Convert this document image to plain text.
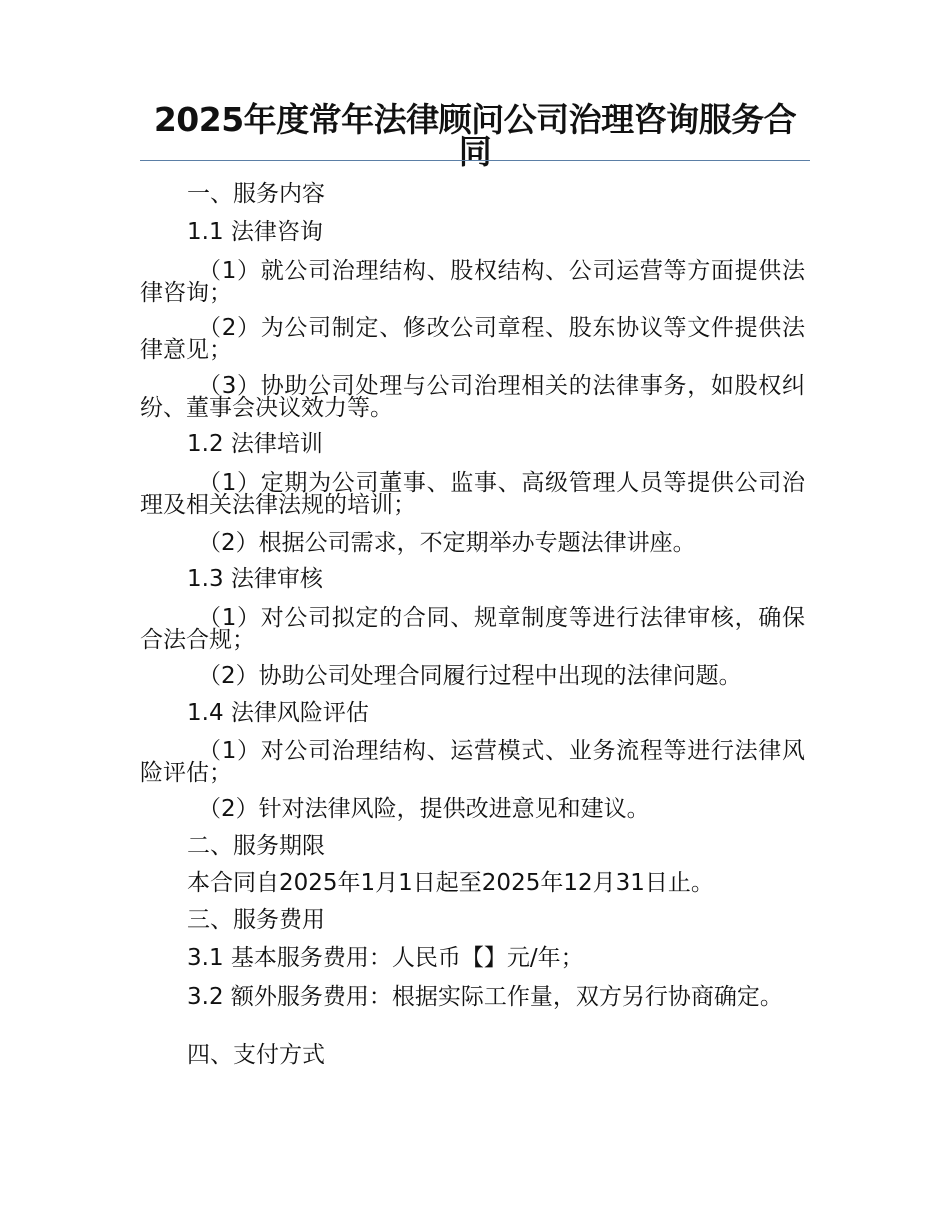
2025年度常年法律顾问公司治理咨询服务合同

一、服务内容

1.1 法律咨询

（1）就公司治理结构、股权结构、公司运营等方面提供法律咨询；

（2）为公司制定、修改公司章程、股东协议等文件提供法律意见；

（3）协助公司处理与公司治理相关的法律事务，如股权纠纷、董事会决议效力等。

1.2 法律培训

（1）定期为公司董事、监事、高级管理人员等提供公司治理及相关法律法规的培训；

（2）根据公司需求，不定期举办专题法律讲座。

1.3 法律审核

（1）对公司拟定的合同、规章制度等进行法律审核，确保合法合规；

（2）协助公司处理合同履行过程中出现的法律问题。

1.4 法律风险评估

（1）对公司治理结构、运营模式、业务流程等进行法律风险评估；

（2）针对法律风险，提供改进意见和建议。

二、服务期限

本合同自2025年1月1日起至2025年12月31日止。

三、服务费用

3.1 基本服务费用：人民币【】元/年；

3.2 额外服务费用：根据实际工作量，双方另行协商确定。

四、支付方式
